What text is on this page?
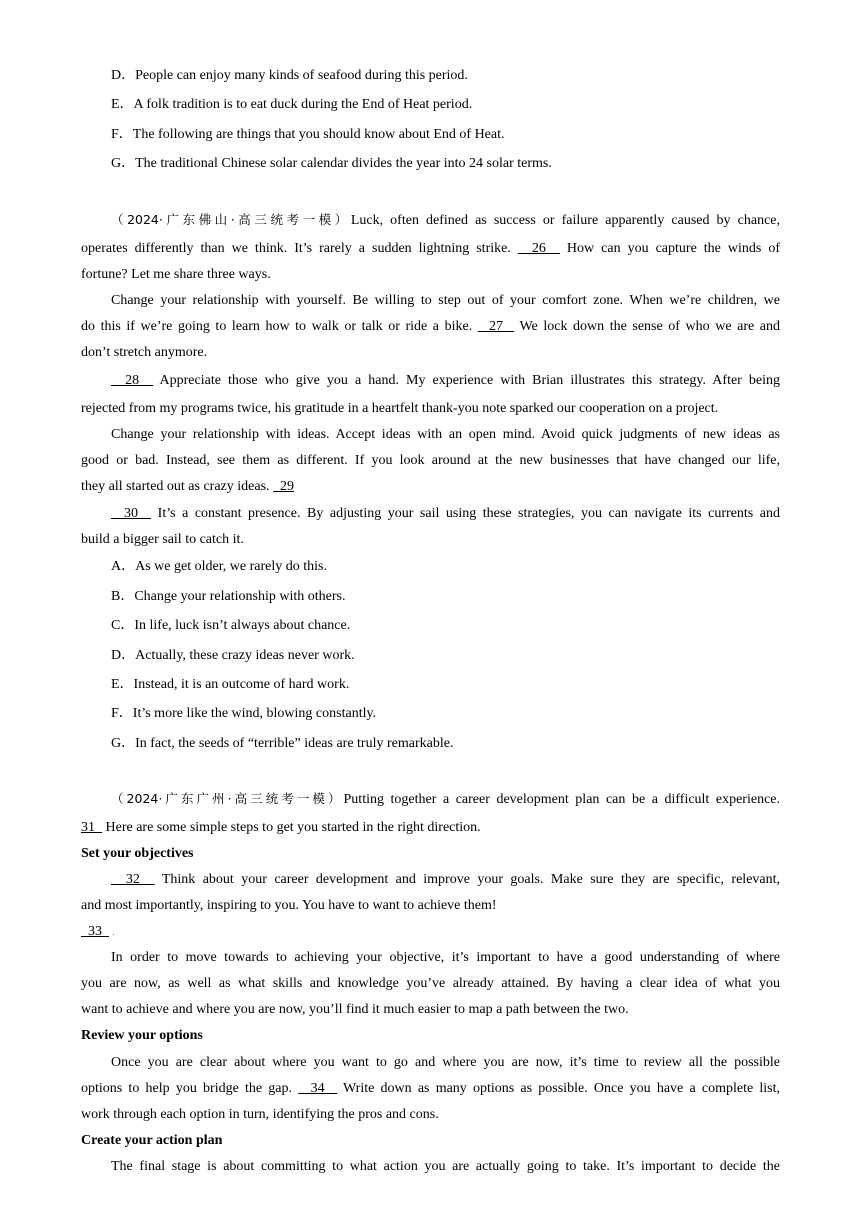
D．People can enjoy many kinds of seafood during this period.
E．A folk tradition is to eat duck during the End of Heat period.
F．The following are things that you should know about End of Heat.
G．The traditional Chinese solar calendar divides the year into 24 solar terms.
（2024·广东佛山·高三统考一模）Luck, often defined as success or failure apparently caused by chance,
operates differently than we think. It’s rarely a sudden lightning strike.   26   How can you capture the winds of
fortune? Let me share three ways.
Change your relationship with yourself. Be willing to step out of your comfort zone. When we’re children, we
do this if we’re going to learn how to walk or talk or ride a bike.   27   We lock down the sense of who we are and
don’t stretch anymore.
28   Appreciate those who give you a hand. My experience with Brian illustrates this strategy. After being
rejected from my programs twice, his gratitude in a heartfelt thank-you note sparked our cooperation on a project.
Change your relationship with ideas. Accept ideas with an open mind. Avoid quick judgments of new ideas as
good or bad. Instead, see them as different. If you look around at the new businesses that have changed our life,
they all started out as crazy ideas.   29
30   It’s a constant presence. By adjusting your sail using these strategies, you can navigate its currents and
build a bigger sail to catch it.
A．As we get older, we rarely do this.
B．Change your relationship with others.
C．In life, luck isn’t always about chance.
D．Actually, these crazy ideas never work.
E．Instead, it is an outcome of hard work.
F．It’s more like the wind, blowing constantly.
G．In fact, the seeds of “terrible” ideas are truly remarkable.
（2024·广东广州·高三统考一模）Putting together a career development plan can be a difficult experience.
31   Here are some simple steps to get you started in the right direction.
Set your objectives
32   Think about your career development and improve your goals. Make sure they are specific, relevant,
and most importantly, inspiring to you. You have to want to achieve them!
33   .
In order to move towards to achieving your objective, it’s important to have a good understanding of where
you are now, as well as what skills and knowledge you’ve already attained. By having a clear idea of what you
want to achieve and where you are now, you’ll find it much easier to map a path between the two.
Review your options
Once you are clear about where you want to go and where you are now, it’s time to review all the possible
options to help you bridge the gap.   34   Write down as many options as possible. Once you have a complete list,
work through each option in turn, identifying the pros and cons.
Create your action plan
The final stage is about committing to what action you are actually going to take. It’s important to decide the
